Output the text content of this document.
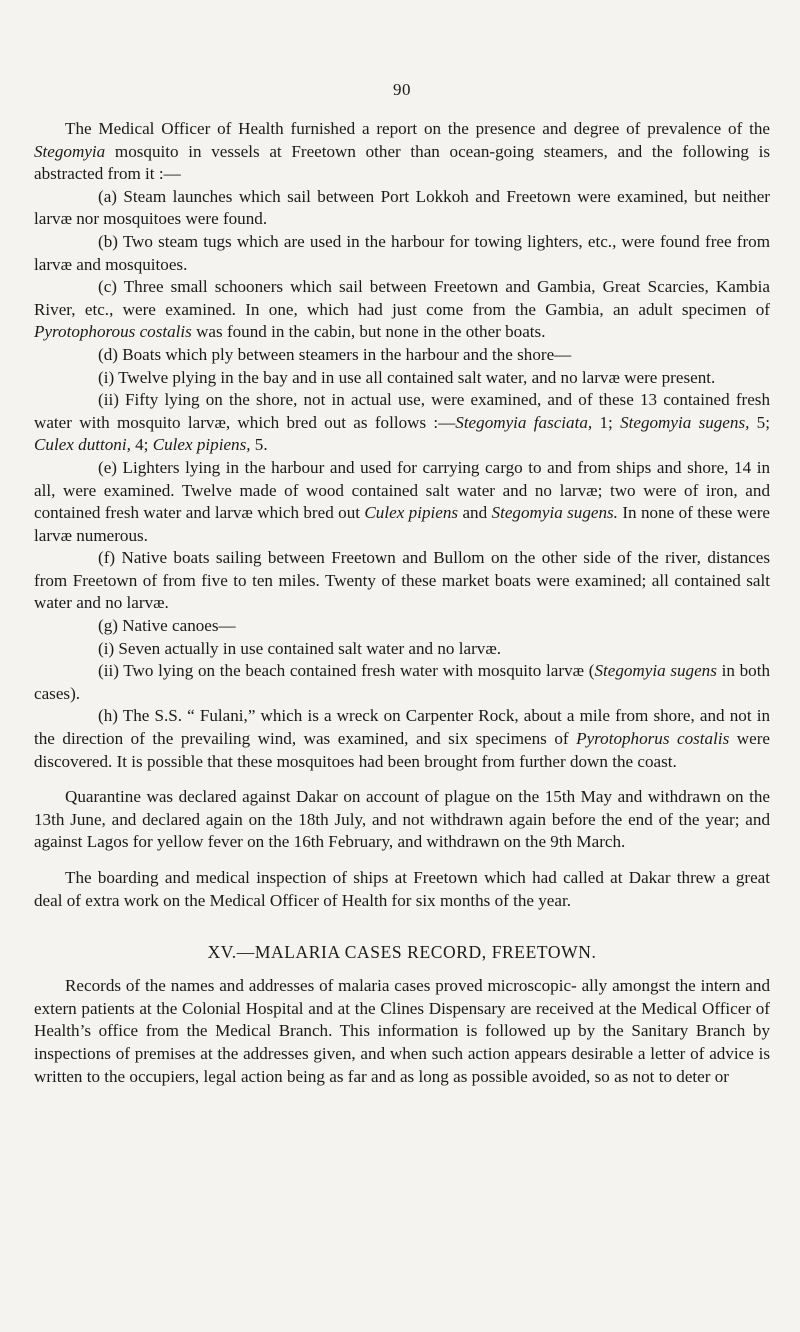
90

The Medical Officer of Health furnished a report on the presence and degree of prevalence of the Stegomyia mosquito in vessels at Freetown other than ocean-going steamers, and the following is abstracted from it :—

(a) Steam launches which sail between Port Lokkoh and Freetown were examined, but neither larvæ nor mosquitoes were found.

(b) Two steam tugs which are used in the harbour for towing lighters, etc., were found free from larvæ and mosquitoes.

(c) Three small schooners which sail between Freetown and Gambia, Great Scarcies, Kambia River, etc., were examined. In one, which had just come from the Gambia, an adult specimen of Pyrotophorous costalis was found in the cabin, but none in the other boats.

(d) Boats which ply between steamers in the harbour and the shore—

(i) Twelve plying in the bay and in use all contained salt water, and no larvæ were present.

(ii) Fifty lying on the shore, not in actual use, were examined, and of these 13 contained fresh water with mosquito larvæ, which bred out as follows :—Stegomyia fasciata, 1; Stegomyia sugens, 5; Culex duttoni, 4; Culex pipiens, 5.

(e) Lighters lying in the harbour and used for carrying cargo to and from ships and shore, 14 in all, were examined. Twelve made of wood contained salt water and no larvæ; two were of iron, and contained fresh water and larvæ which bred out Culex pipiens and Stegomyia sugens. In none of these were larvæ numerous.

(f) Native boats sailing between Freetown and Bullom on the other side of the river, distances from Freetown of from five to ten miles. Twenty of these market boats were examined; all contained salt water and no larvæ.

(g) Native canoes—

(i) Seven actually in use contained salt water and no larvæ.

(ii) Two lying on the beach contained fresh water with mosquito larvæ (Stegomyia sugens in both cases).

(h) The S.S. “ Fulani,” which is a wreck on Carpenter Rock, about a mile from shore, and not in the direction of the prevailing wind, was examined, and six specimens of Pyrotophorus costalis were discovered. It is possible that these mosquitoes had been brought from further down the coast.

Quarantine was declared against Dakar on account of plague on the 15th May and withdrawn on the 13th June, and declared again on the 18th July, and not withdrawn again before the end of the year; and against Lagos for yellow fever on the 16th February, and withdrawn on the 9th March.

The boarding and medical inspection of ships at Freetown which had called at Dakar threw a great deal of extra work on the Medical Officer of Health for six months of the year.

XV.—MALARIA CASES RECORD, FREETOWN.

Records of the names and addresses of malaria cases proved microscopic- ally amongst the intern and extern patients at the Colonial Hospital and at the Clines Dispensary are received at the Medical Officer of Health’s office from the Medical Branch. This information is followed up by the Sanitary Branch by inspections of premises at the addresses given, and when such action appears desirable a letter of advice is written to the occupiers, legal action being as far and as long as possible avoided, so as not to deter or
